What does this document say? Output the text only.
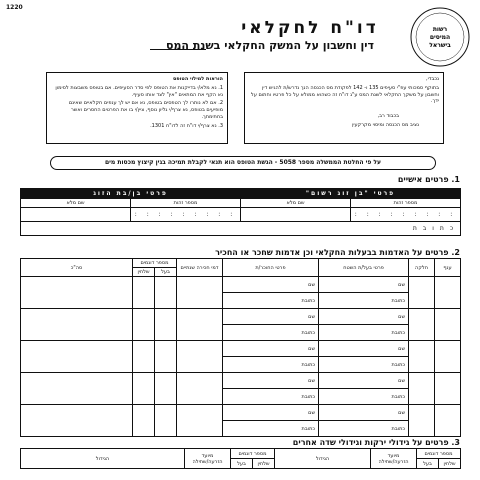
1220
רשות
המיסים
בישראל
דו"ח לחקלאי
דין וחשבון על המשק החקלאי בשנת המס

הוראות למילוי הטופס

1. נא מלא/י בדייקנות את הטופס לפי סדר הסעיפים. אם בטופס משבצות לסימון נא הקף את המתאים "אין" לצד אותו סעיף.

2. אם לא נותרו לך הטפסים בטופס, נא אם יש לך ענפים חקלאיים שאינם מופיעים בטופס, נא צרף/י גליון נוסף, ציין/י בו את הפרטים החסרים ואשר בחתימתך.

3. נא צרף/י דו"ח זה לדו"ח 1301.

נכבדי,

בתוקף סמכותי עפ"י סעיפים 135 ו- 142 לפקודת מס הכנסה הנך נדרש/ת להגיש דין וחשבון על משקך החקלאי לשנת המס ע"ג דו"ח זה כשהוא ממולא על כל פרטיו וחתום על ידך.

בכבוד רב,

נציב מס הכנסה ומיסוי מקרקעין

על פי החלטת הממשלה מספר 5058 - הגשת הטופס הוא תנאי לקבלת תמיכה בגין קיצוץ מכסות מים
1. פרטים אישיים
פרטי "בן זוג רשום"		פרטי בן/בת הזוג	
מספר זהות	שם מלא	מספר זהות	שם מלא
: : : : : : : : :		: : : : : : : : :	
כתובת			
2. פרטים על האדמות בבעלות החקלאי וכן אדמות שחכר או החכיר
ענף	חלקה	פרטי בעל/ת השטח	פרטי החוכר/ת	דמי חכירה שנתיים	מספר דונמים		סה"כ
					בעל	שלחין	
		שם	שם				
		כתובת	כתובת				
		שם	שם				
		כתובת	כתובת				
		שם	שם				
		כתובת	כתובת				
		שם	שם				
		כתובת	כתובת				
		שם	שם				
		כתובת	כתובת				
3. פרטים על גידולי ירקות וגידולי שדה אחרים
מספר דונמים		מיועד הזרעה/שתילה	הגידול	מספר דונמים		מיועד הזרעה/שתילה	הגידול
שלחין	בעל			שלחין	בעל		
